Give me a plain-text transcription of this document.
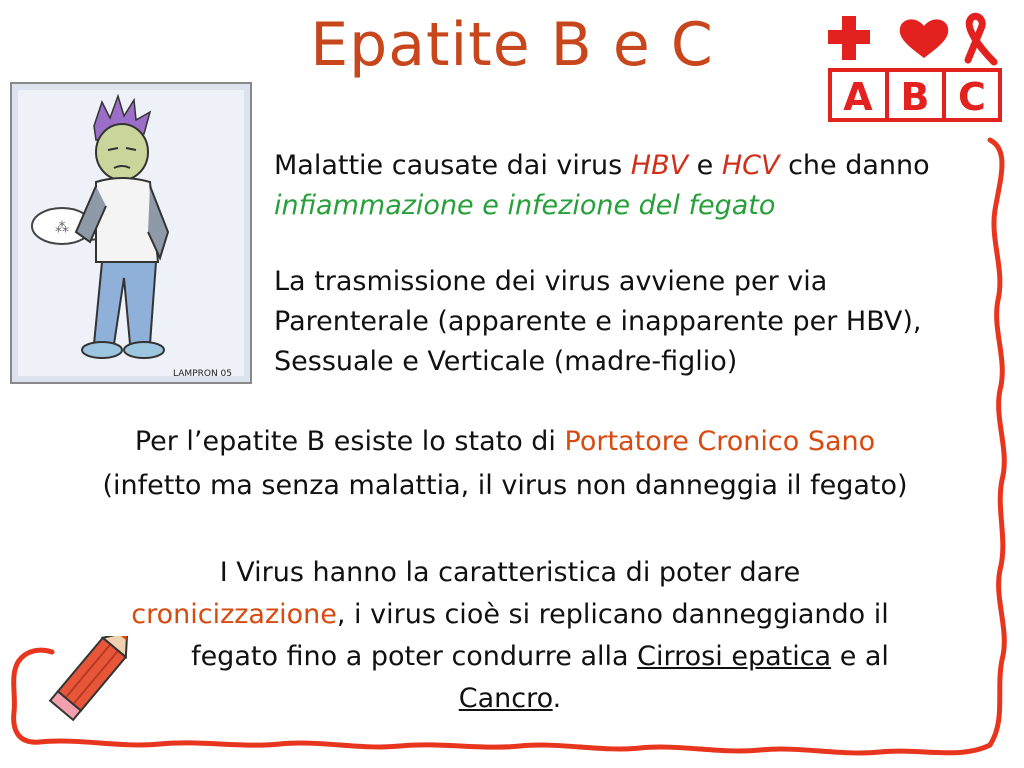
Epatite B e C
A B C
⁂
LAMPRON 05
Malattie causate dai virus HBV e HCV che danno infiammazione e infezione del fegato
La trasmissione dei virus avviene per via Parenterale (apparente e inapparente per HBV), Sessuale e Verticale (madre-figlio)
Per l’epatite B esiste lo stato di Portatore Cronico Sano
(infetto ma senza malattia, il virus non danneggia il fegato)
I Virus hanno la caratteristica di poter dare
cronicizzazione, i virus cioè si replicano danneggiando il
fegato fino a poter condurre alla Cirrosi epatica e al
Cancro.
